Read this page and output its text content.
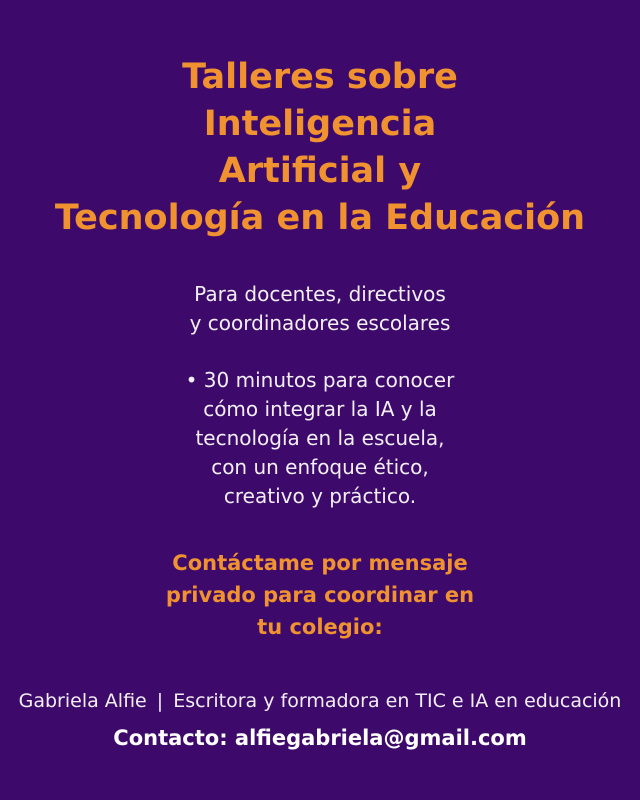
Talleres sobre
Inteligencia
Artificial y
Tecnología en la Educación
Para docentes, directivos
y coordinadores escolares
• 30 minutos para conocer
cómo integrar la IA y la
tecnología en la escuela,
con un enfoque ético,
creativo y práctico.
Contáctame por mensaje
privado para coordinar en
tu colegio:
Gabriela Alfie | Escritora y formadora en TIC e IA en educación
Contacto: alfiegabriela@gmail.com
